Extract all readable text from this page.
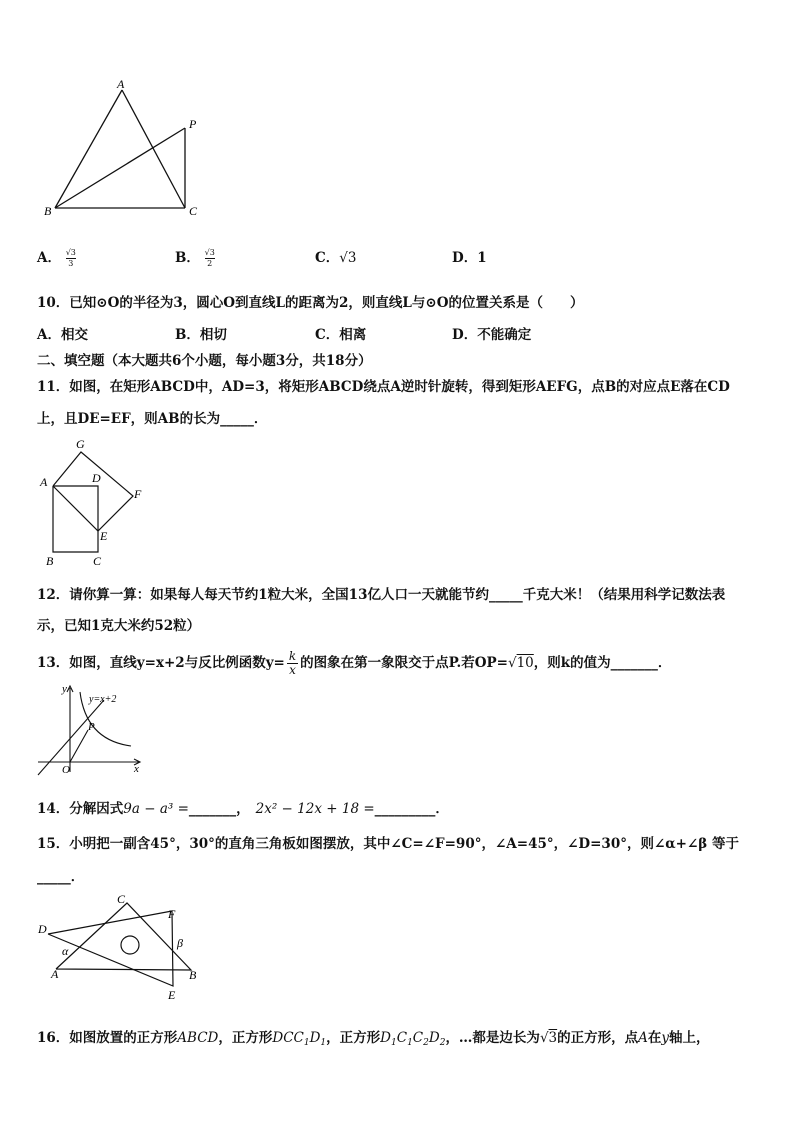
A
P
B	C
A． $\frac{√3}{3}$	B． $\frac{√3}{2}$	C．√3	D．1
10．已知⊙O的半径为3，圆心O到直线L的距离为2，则直线L与⊙O的位置关系是（　　）
A．相交	B．相切	C．相离	D．不能确定
二、填空题（本大题共6个小题，每小题3分，共18分）
11．如图，在矩形ABCD中，AD=3，将矩形ABCD绕点A逆时针旋转，得到矩形AEFG，点B的对应点E落在CD
上，且DE=EF，则AB的长为_____．
G
A	D
F
E
B	C
12．请你算一算：如果每人每天节约1粒大米，全国13亿人口一天就能节约_____千克大米！（结果用科学记数法表
示，已知1克大米约52粒）
13．如图，直线y=x+2与反比例函数$y= \frac{k}{x}$ 的图象在第一象限交于点P.若OP=√10，则k的值为_______．
y
y=x+2
P
O	x
14．分解因式9a − a³ =_______， 2x² − 12x + 18 =_________．
15．小明把一副含45°，30°的直角三角板如图摆放，其中∠C=∠F=90°，∠A=45°，∠D=30°，则∠α+∠β 等于
_____．
C
F
D
α
β
A	B
E
16．如图放置的正方形ABCD，正方形$DCC_1D_1$，正方形$D_1C_1C_2D_2$，…都是边长为√3的正方形，点A在y轴上，
